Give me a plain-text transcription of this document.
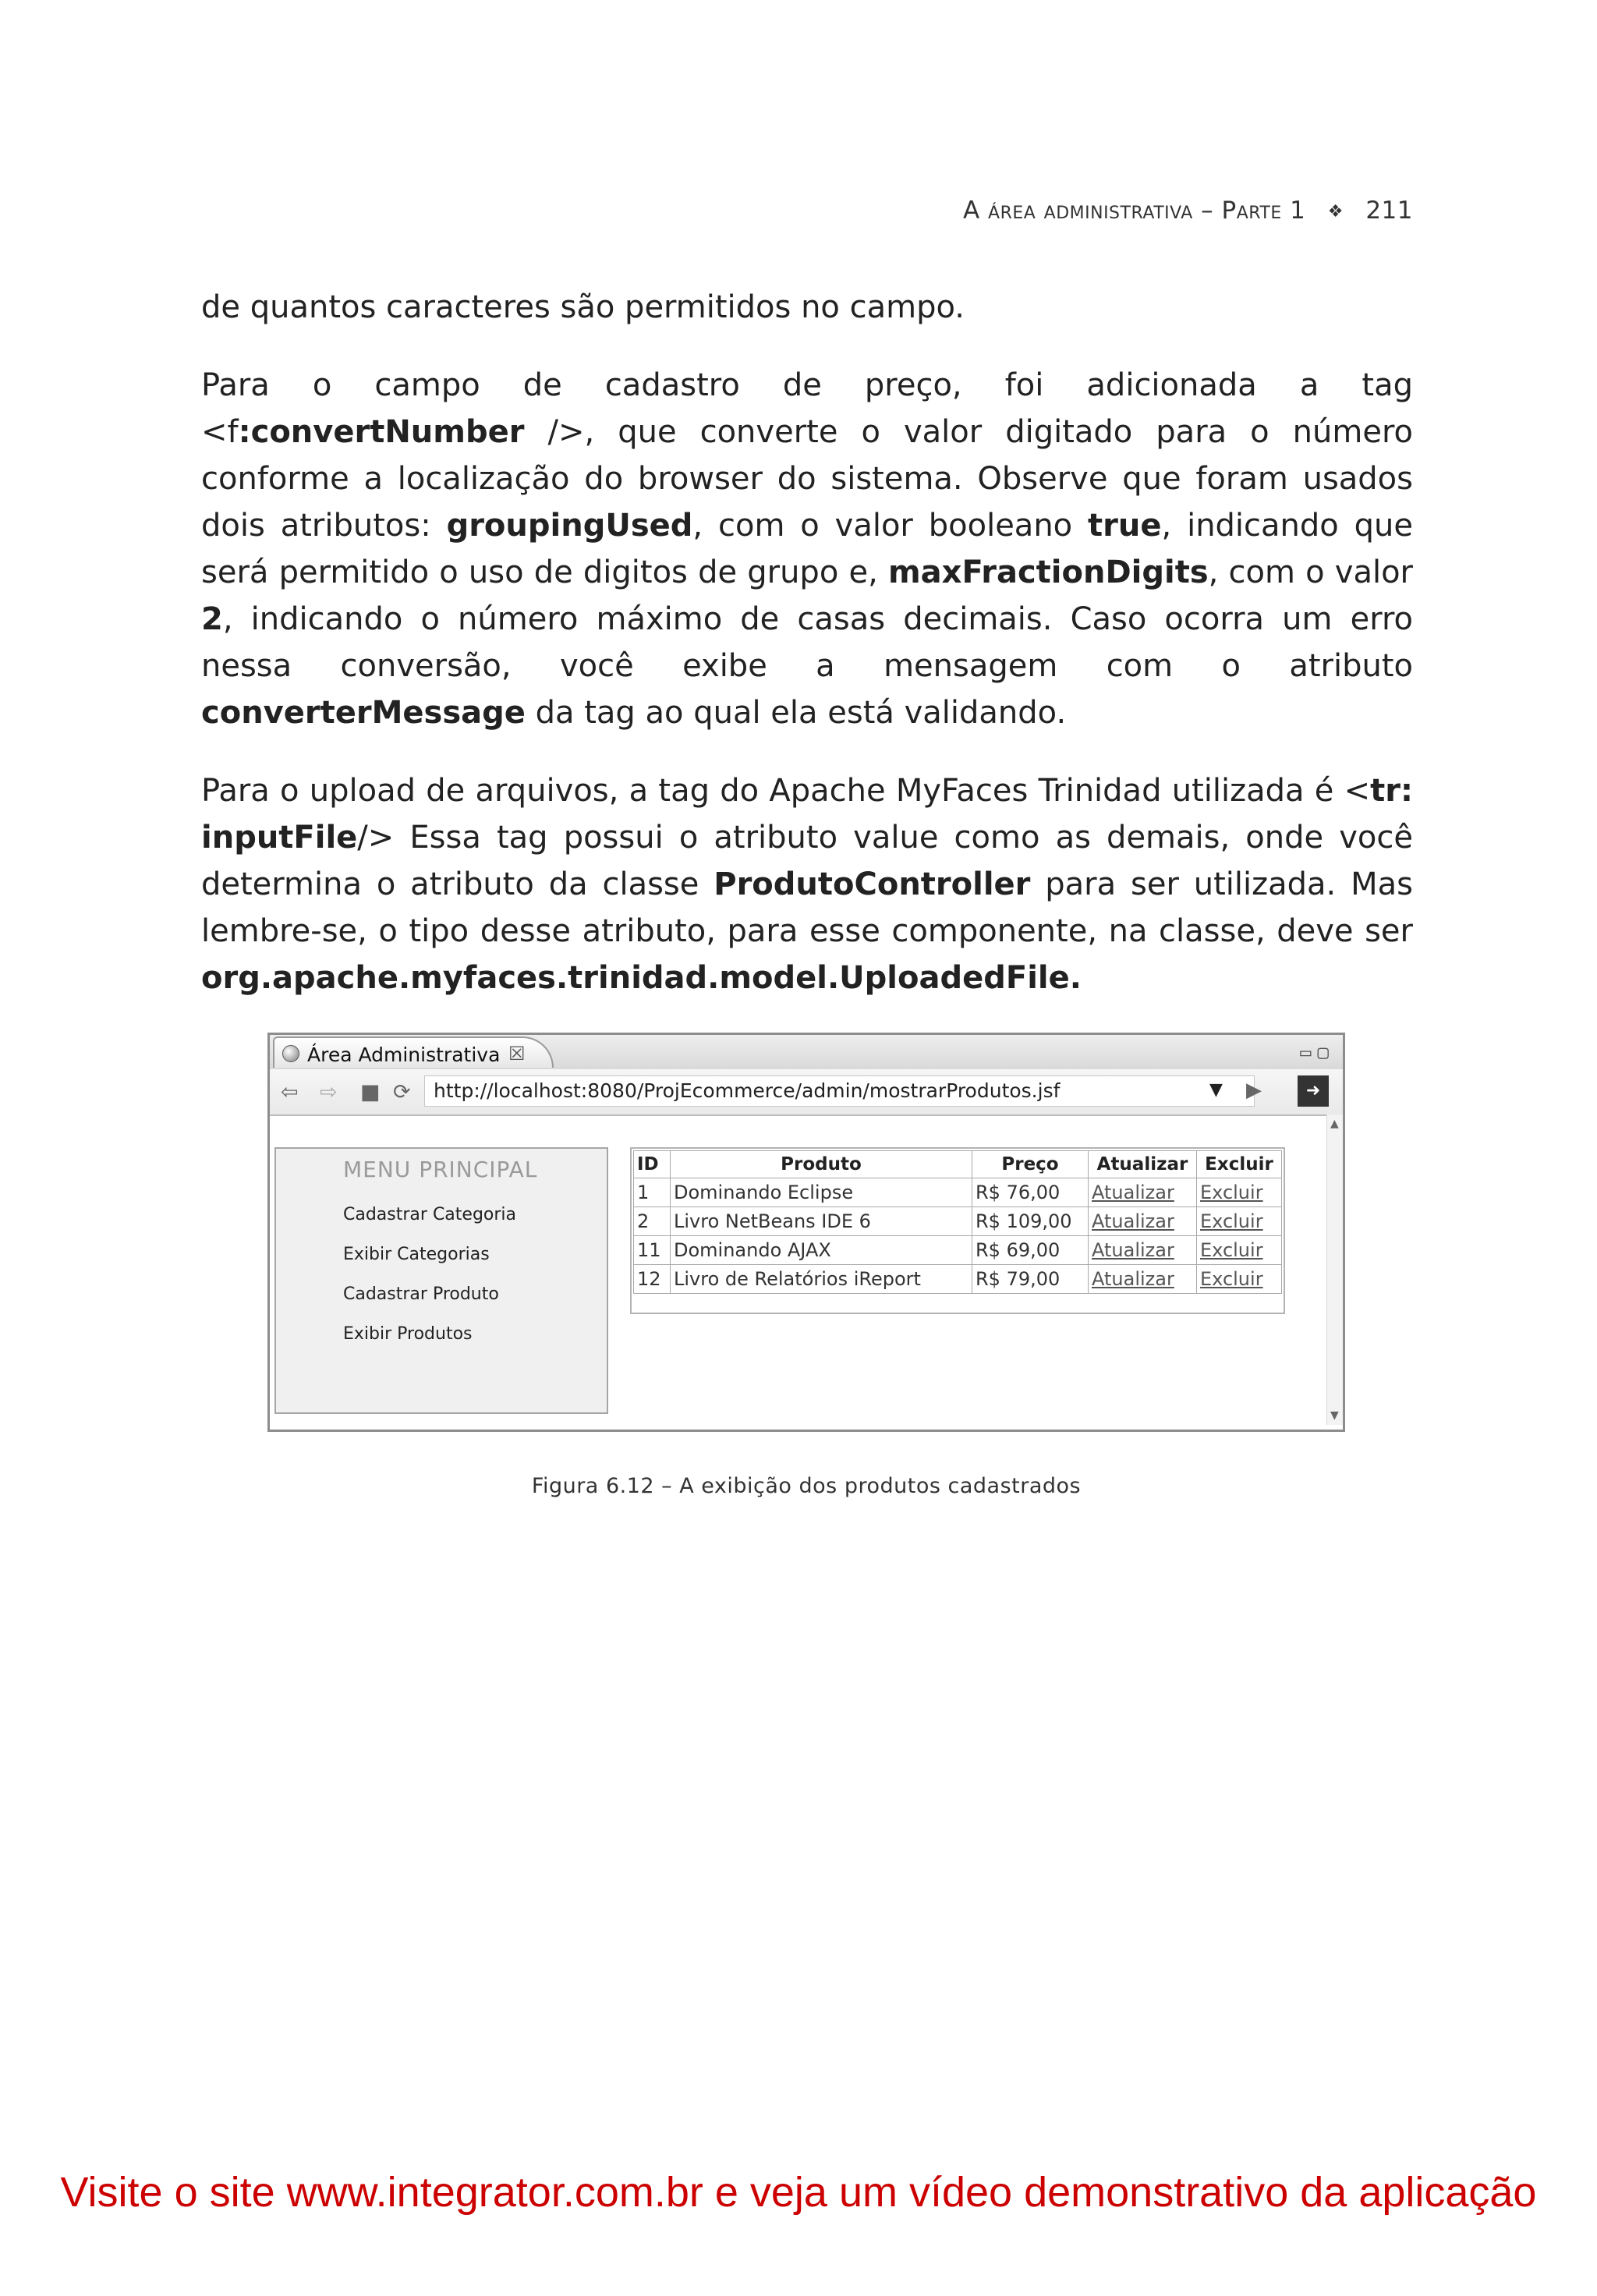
A área administrativa – Parte 1 ❖ 211

de quantos caracteres são permitidos no campo.

Para o campo de cadastro de preço, foi adicionada a tag <f:convertNumber />, que converte o valor digitado para o número conforme a localização do browser do sistema. Observe que foram usados dois atributos: groupingUsed, com o valor booleano true, indicando que será permitido o uso de digitos de grupo e, maxFractionDigits, com o valor 2, indicando o número máximo de casas decimais. Caso ocorra um erro nessa conversão, você exibe a mensagem com o atributo converterMessage da tag ao qual ela está validando.

Para o upload de arquivos, a tag do Apache MyFaces Trinidad utilizada é <tr: inputFile/> Essa tag possui o atributo value como as demais, onde você determina o atributo da classe ProdutoController para ser utilizada. Mas lembre-se, o tipo desse atributo, para esse componente, na classe, deve ser org.apache.myfaces.trinidad.model.UploadedFile.

Área Administrativa ☒	▭▢
⇦ ⇨ ■ ⟳ http://localhost:8080/ProjEcommerce/admin/mostrarProdutos.jsf	▼ ▶	➜
▲
▼
MENU PRINCIPAL
Cadastrar Categoria
Exibir Categorias
Cadastrar Produto
Exibir Produtos
ID	Produto	Preço	Atualizar	Excluir
1	Dominando Eclipse	R$ 76,00	Atualizar	Excluir
2	Livro NetBeans IDE 6	R$ 109,00	Atualizar	Excluir
11	Dominando AJAX	R$ 69,00	Atualizar	Excluir
12	Livro de Relatórios iReport	R$ 79,00	Atualizar	Excluir
Figura 6.12 – A exibição dos produtos cadastrados
Visite o site www.integrator.com.br e veja um vídeo demonstrativo da aplicação
